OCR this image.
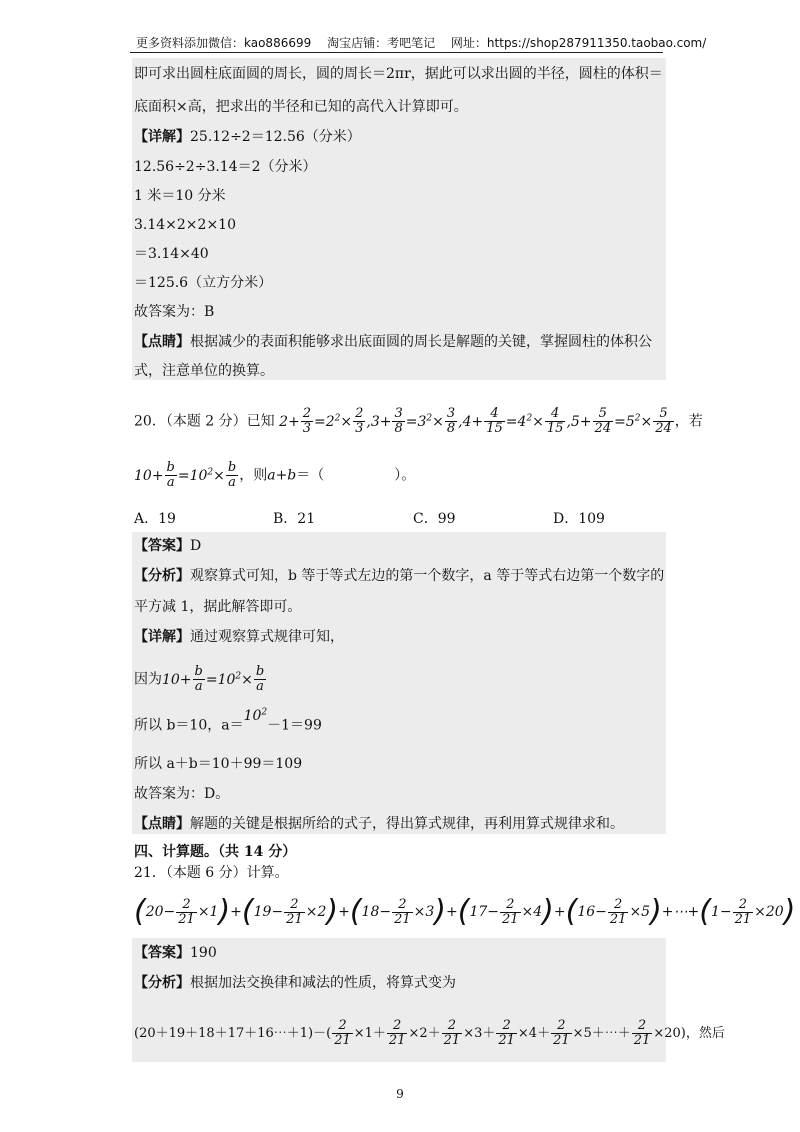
更多资料添加微信：kao886699 淘宝店铺：考吧笔记 网址：https://shop287911350.taobao.com/
即可求出圆柱底面圆的周长，圆的周长＝2πr，据此可以求出圆的半径，圆柱的体积＝
底面积×高，把求出的半径和已知的高代入计算即可。
【详解】25.12÷2＝12.56（分米）
12.56÷2÷3.14＝2（分米）
1 米＝10 分米
3.14×2×2×10
＝3.14×40
＝125.6（立方分米）
故答案为：B
【点睛】根据减少的表面积能够求出底面圆的周长是解题的关键，掌握圆柱的体积公
式，注意单位的换算。
20．（本题 2 分）已知 $2+ \frac{2}{3} =2^2\times \frac{2}{3} ,3+ \frac{3}{8} =3^2\times \frac{3}{8} ,4+ \frac{4}{15} =4^2\times \frac{4}{15} ,5+ \frac{5}{24} =5^2\times \frac{5}{24}$ ，若
$10+ \frac{b}{a} =10^2\times \frac{b}{a}$ ，则a+b＝（　　　　　）。
A．19	B．21	C．99	D．109
【答案】D
【分析】观察算式可知，b 等于等式左边的第一个数字，a 等于等式右边第一个数字的
平方减 1，据此解答即可。
【详解】通过观察算式规律可知，
因为$10+ \frac{b}{a} =10^2\times \frac{b}{a}$
所以 b＝10，$a=10^2-1=99$
所以 a＋b＝10＋99＝109
故答案为：D。
【点睛】解题的关键是根据所给的式子，得出算式规律，再利用算式规律求和。
四、计算题。（共 14 分）
21．（本题 6 分）计算。
$(20- \frac{2}{21} \times 1)+(19- \frac{2}{21} \times 2)+(18- \frac{2}{21} \times 3)+(17- \frac{2}{21} \times 4)+(16- \frac{2}{21}$ ×5)+⋯+(1− $\frac{2}{21} \times 20$)
【答案】190
【分析】根据加法交换律和减法的性质，将算式变为
(20＋19＋18＋17＋16⋯＋1)－( $\frac{2}{21} \times 1+ \frac{2}{21} \times 2+ \frac{2}{21} \times 3+ \frac{2}{21} \times 4+ \frac{2}{21}$ ×5＋⋯＋ $\frac{2}{21} \times 20$)，然后
9
